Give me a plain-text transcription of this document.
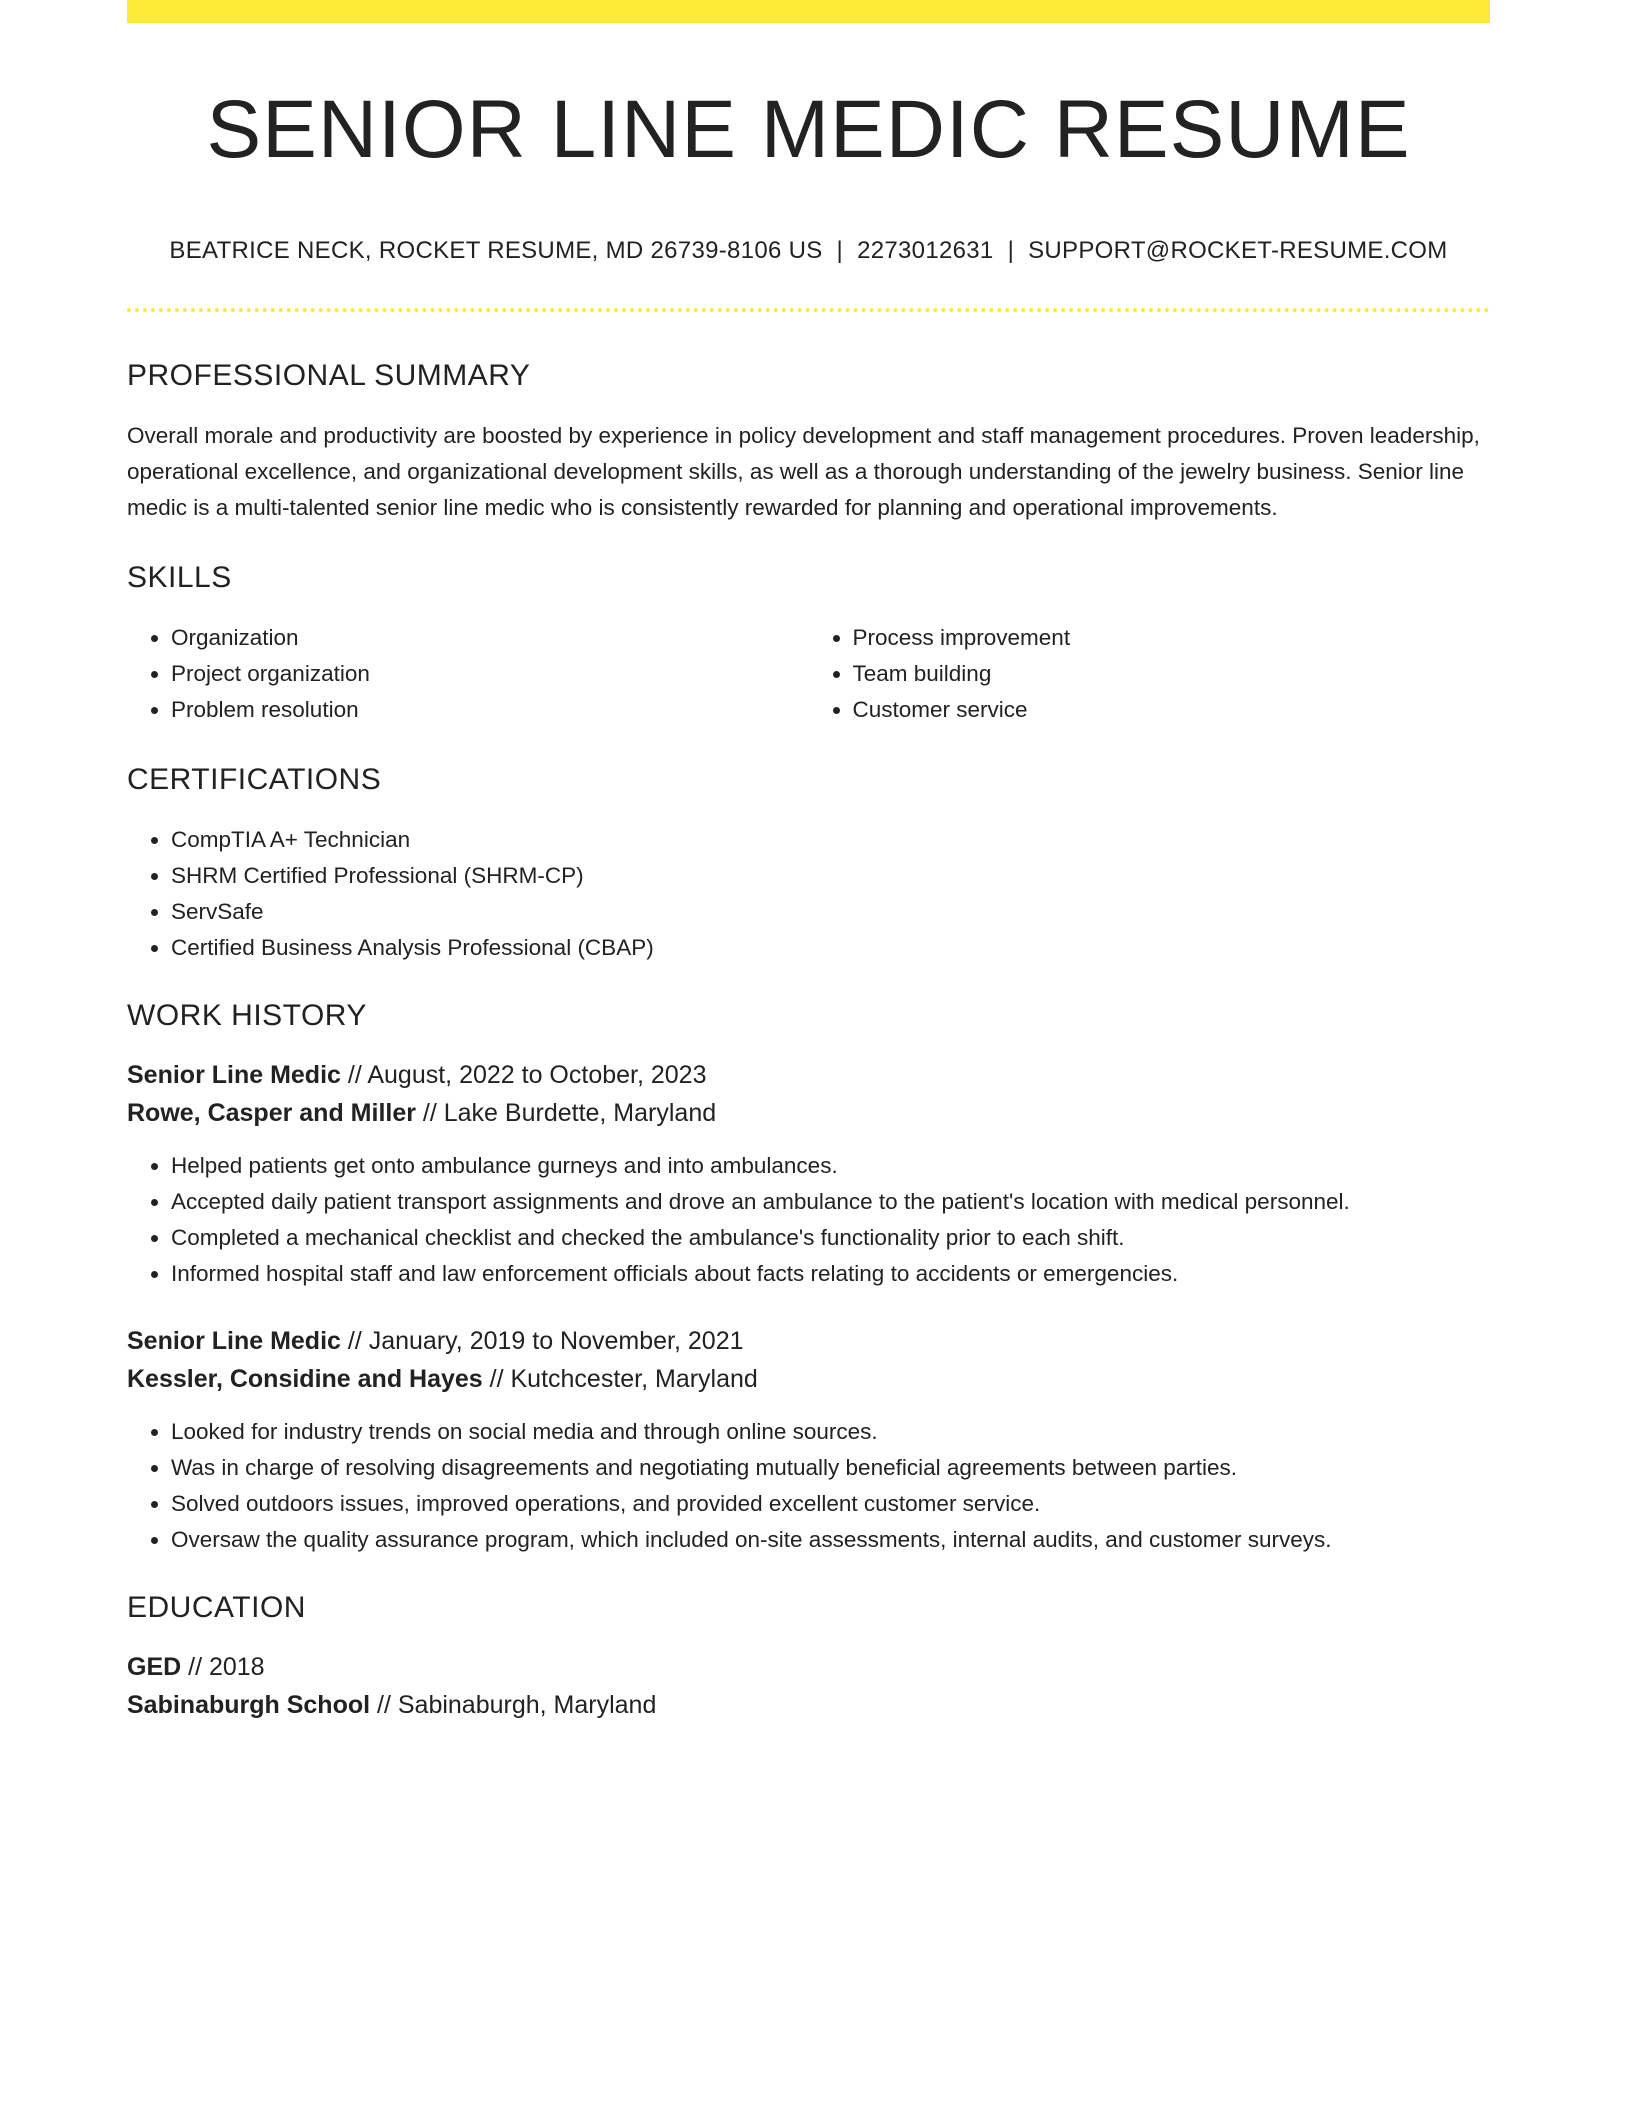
SENIOR LINE MEDIC RESUME
BEATRICE NECK, ROCKET RESUME, MD 26739-8106 US | 2273012631 | SUPPORT@ROCKET-RESUME.COM
PROFESSIONAL SUMMARY

Overall morale and productivity are boosted by experience in policy development and staff management procedures. Proven leadership, operational excellence, and organizational development skills, as well as a thorough understanding of the jewelry business. Senior line medic is a multi-talented senior line medic who is consistently rewarded for planning and operational improvements.

SKILLS
• Organization
• Project organization
• Problem resolution
• Process improvement
• Team building
• Customer service
CERTIFICATIONS
• CompTIA A+ Technician
• SHRM Certified Professional (SHRM-CP)
• ServSafe
• Certified Business Analysis Professional (CBAP)
WORK HISTORY
Senior Line Medic // August, 2022 to October, 2023
Rowe, Casper and Miller // Lake Burdette, Maryland
• Helped patients get onto ambulance gurneys and into ambulances.
• Accepted daily patient transport assignments and drove an ambulance to the patient's location with medical personnel.
• Completed a mechanical checklist and checked the ambulance's functionality prior to each shift.
• Informed hospital staff and law enforcement officials about facts relating to accidents or emergencies.
Senior Line Medic // January, 2019 to November, 2021
Kessler, Considine and Hayes // Kutchcester, Maryland
• Looked for industry trends on social media and through online sources.
• Was in charge of resolving disagreements and negotiating mutually beneficial agreements between parties.
• Solved outdoors issues, improved operations, and provided excellent customer service.
• Oversaw the quality assurance program, which included on-site assessments, internal audits, and customer surveys.
EDUCATION
GED // 2018
Sabinaburgh School // Sabinaburgh, Maryland
